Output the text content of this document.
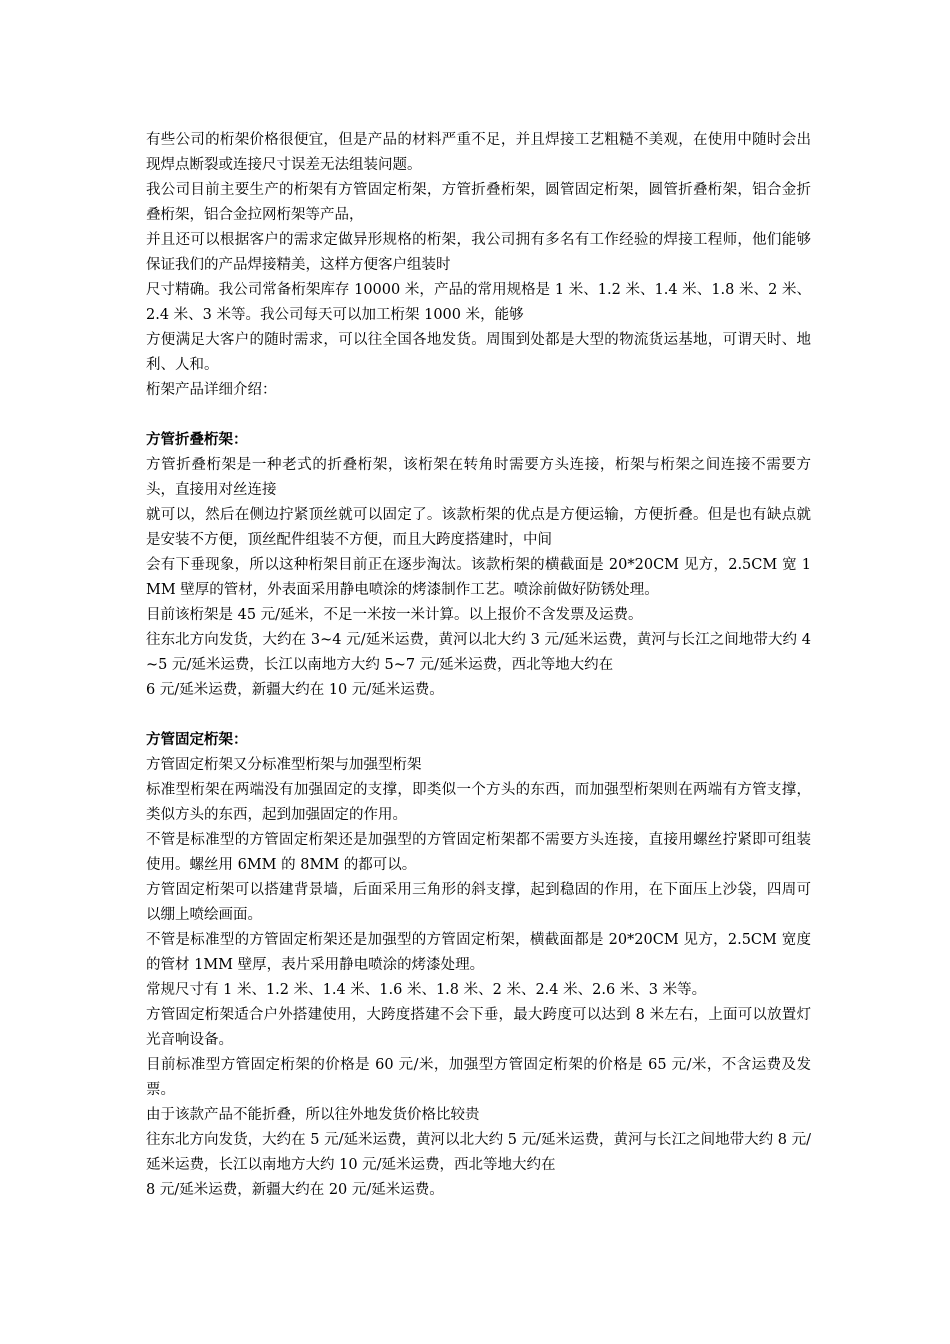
有些公司的桁架价格很便宜，但是产品的材料严重不足，并且焊接工艺粗糙不美观，在使用中随时会出现焊点断裂或连接尺寸误差无法组装问题。

我公司目前主要生产的桁架有方管固定桁架，方管折叠桁架，圆管固定桁架，圆管折叠桁架，铝合金折叠桁架，铝合金拉网桁架等产品，

并且还可以根据客户的需求定做异形规格的桁架，我公司拥有多名有工作经验的焊接工程师，他们能够保证我们的产品焊接精美，这样方便客户组装时

尺寸精确。我公司常备桁架库存 10000 米，产品的常用规格是 1 米、1.2 米、1.4 米、1.8 米、2 米、2.4 米、3 米等。我公司每天可以加工桁架 1000 米，能够

方便满足大客户的随时需求，可以往全国各地发货。周围到处都是大型的物流货运基地，可谓天时、地利、人和。

桁架产品详细介绍：

方管折叠桁架：

方管折叠桁架是一种老式的折叠桁架，该桁架在转角时需要方头连接，桁架与桁架之间连接不需要方头，直接用对丝连接

就可以，然后在侧边拧紧顶丝就可以固定了。该款桁架的优点是方便运输，方便折叠。但是也有缺点就是安装不方便，顶丝配件组装不方便，而且大跨度搭建时，中间

会有下垂现象，所以这种桁架目前正在逐步淘汰。该款桁架的横截面是 20*20CM 见方，2.5CM 宽 1MM 壁厚的管材，外表面采用静电喷涂的烤漆制作工艺。喷涂前做好防锈处理。

目前该桁架是 45 元/延米，不足一米按一米计算。以上报价不含发票及运费。

往东北方向发货，大约在 3~4 元/延米运费，黄河以北大约 3 元/延米运费，黄河与长江之间地带大约 4~5 元/延米运费，长江以南地方大约 5~7 元/延米运费，西北等地大约在

6 元/延米运费，新疆大约在 10 元/延米运费。

方管固定桁架：

方管固定桁架又分标准型桁架与加强型桁架

标准型桁架在两端没有加强固定的支撑，即类似一个方头的东西，而加强型桁架则在两端有方管支撑，类似方头的东西，起到加强固定的作用。

不管是标准型的方管固定桁架还是加强型的方管固定桁架都不需要方头连接，直接用螺丝拧紧即可组装使用。螺丝用 6MM 的 8MM 的都可以。

方管固定桁架可以搭建背景墙，后面采用三角形的斜支撑，起到稳固的作用，在下面压上沙袋，四周可以绷上喷绘画面。

不管是标准型的方管固定桁架还是加强型的方管固定桁架，横截面都是 20*20CM 见方，2.5CM 宽度的管材 1MM 壁厚，表片采用静电喷涂的烤漆处理。

常规尺寸有 1 米、1.2 米、1.4 米、1.6 米、1.8 米、2 米、2.4 米、2.6 米、3 米等。

方管固定桁架适合户外搭建使用，大跨度搭建不会下垂，最大跨度可以达到 8 米左右，上面可以放置灯光音响设备。

目前标准型方管固定桁架的价格是 60 元/米，加强型方管固定桁架的价格是 65 元/米，不含运费及发票。

由于该款产品不能折叠，所以往外地发货价格比较贵

往东北方向发货，大约在 5 元/延米运费，黄河以北大约 5 元/延米运费，黄河与长江之间地带大约 8 元/延米运费，长江以南地方大约 10 元/延米运费，西北等地大约在

8 元/延米运费，新疆大约在 20 元/延米运费。
